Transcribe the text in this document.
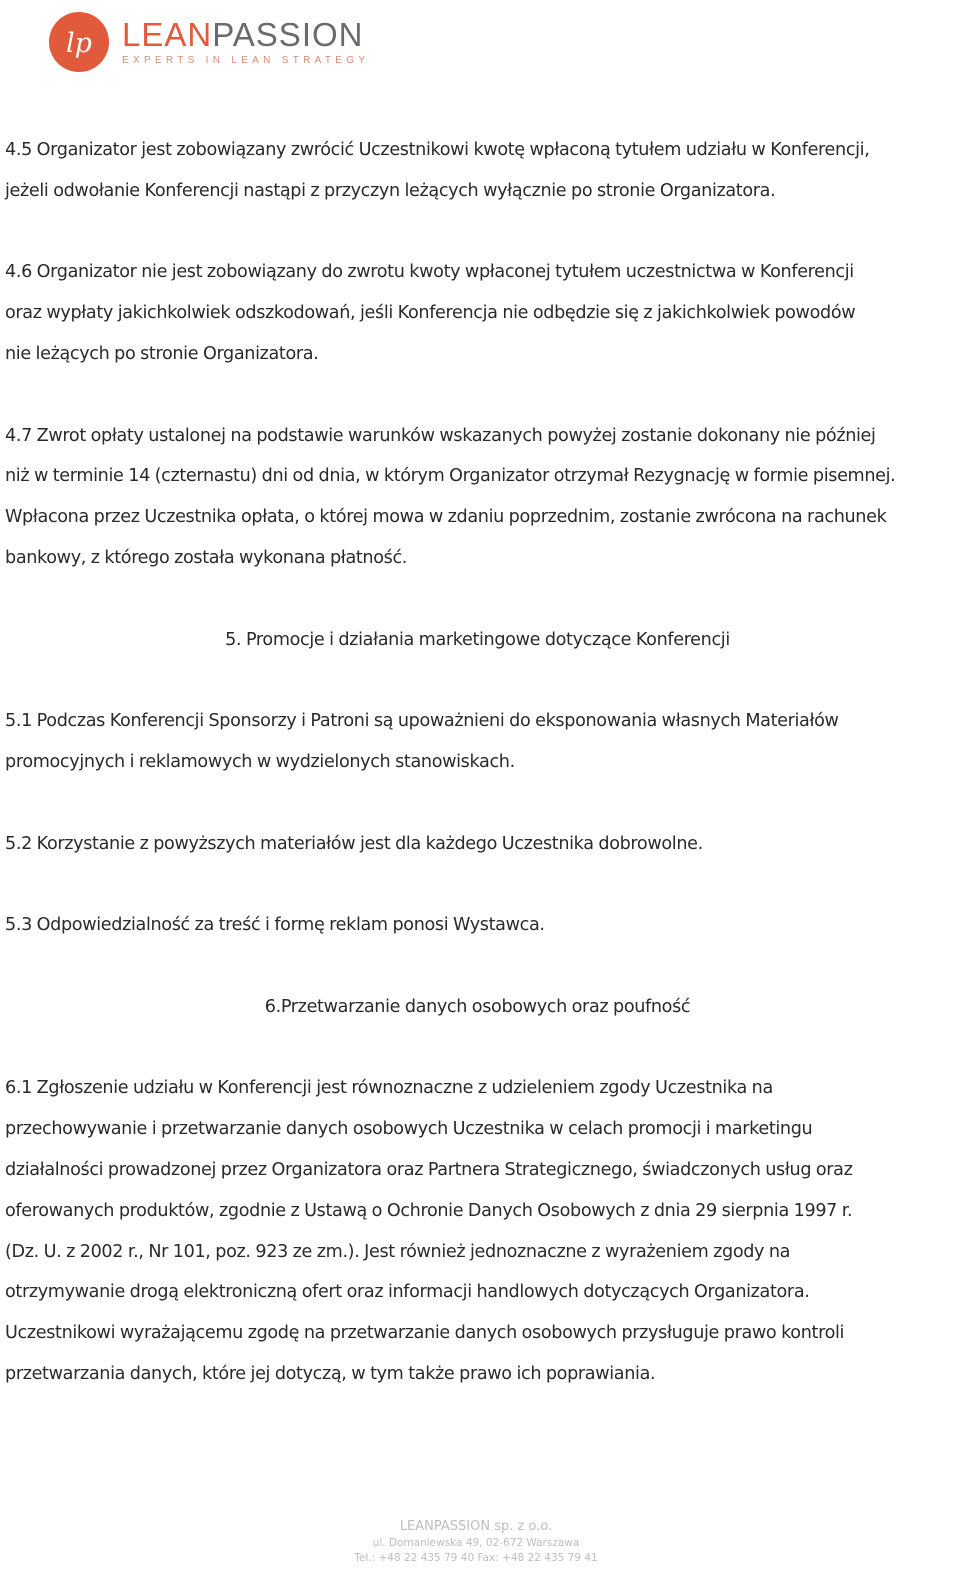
lp LEANPASSION
EXPERTS IN LEAN STRATEGY
4.5 Organizator jest zobowiązany zwrócić Uczestnikowi kwotę wpłaconą tytułem udziału w Konferencji,
jeżeli odwołanie Konferencji nastąpi z przyczyn leżących wyłącznie po stronie Organizatora.
4.6 Organizator nie jest zobowiązany do zwrotu kwoty wpłaconej tytułem uczestnictwa w Konferencji
oraz wypłaty jakichkolwiek odszkodowań, jeśli Konferencja nie odbędzie się z jakichkolwiek powodów
nie leżących po stronie Organizatora.
4.7 Zwrot opłaty ustalonej na podstawie warunków wskazanych powyżej zostanie dokonany nie później
niż w terminie 14 (czternastu) dni od dnia, w którym Organizator otrzymał Rezygnację w formie pisemnej.
Wpłacona przez Uczestnika opłata, o której mowa w zdaniu poprzednim, zostanie zwrócona na rachunek
bankowy, z którego została wykonana płatność.
5. Promocje i działania marketingowe dotyczące Konferencji
5.1 Podczas Konferencji Sponsorzy i Patroni są upoważnieni do eksponowania własnych Materiałów
promocyjnych i reklamowych w wydzielonych stanowiskach.
5.2 Korzystanie z powyższych materiałów jest dla każdego Uczestnika dobrowolne.
5.3 Odpowiedzialność za treść i formę reklam ponosi Wystawca.
6.Przetwarzanie danych osobowych oraz poufność
6.1 Zgłoszenie udziału w Konferencji jest równoznaczne z udzieleniem zgody Uczestnika na
przechowywanie i przetwarzanie danych osobowych Uczestnika w celach promocji i marketingu
działalności prowadzonej przez Organizatora oraz Partnera Strategicznego, świadczonych usług oraz
oferowanych produktów, zgodnie z Ustawą o Ochronie Danych Osobowych z dnia 29 sierpnia 1997 r.
(Dz. U. z 2002 r., Nr 101, poz. 923 ze zm.). Jest również jednoznaczne z wyrażeniem zgody na
otrzymywanie drogą elektroniczną ofert oraz informacji handlowych dotyczących Organizatora.
Uczestnikowi wyrażającemu zgodę na przetwarzanie danych osobowych przysługuje prawo kontroli
przetwarzania danych, które jej dotyczą, w tym także prawo ich poprawiania.
LEANPASSION sp. z o.o.
ul. Domaniewska 49, 02-672 Warszawa
Tel.: +48 22 435 79 40 Fax: +48 22 435 79 41
